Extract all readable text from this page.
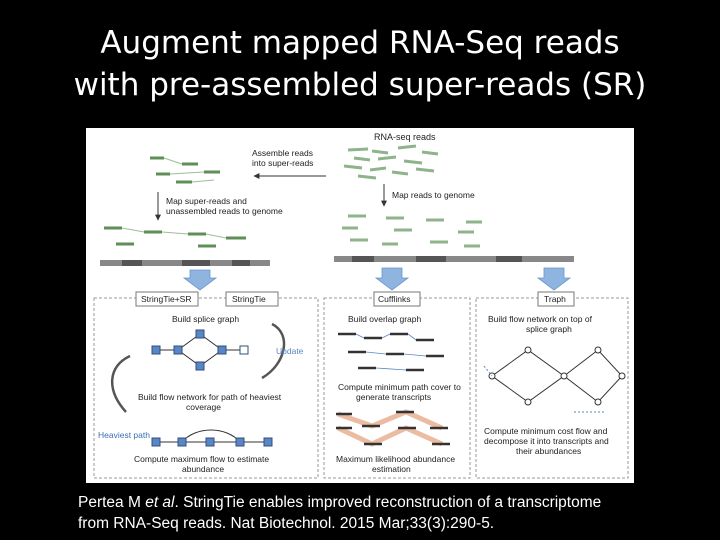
Augment mapped RNA-Seq reads
with pre-assembled super-reads (SR)
RNA-seq reads
Assemble reads
into super-reads
Map reads to genome
Map super-reads and
unassembled reads to genome
StringTie+SR	StringTie	Cufflinks	Traph
Build splice graph
Update
Build flow network for path of heaviest
coverage
Heaviest path
Compute maximum flow to estimate
abundance
Build overlap graph
Compute minimum path cover to
generate transcripts
Maximum likelihood abundance
estimation
Build flow network on top of
splice graph
Compute minimum cost flow and
decompose it into transcripts and
their abundances
Pertea M et al. StringTie enables improved reconstruction of a transcriptome
from RNA-Seq reads. Nat Biotechnol. 2015 Mar;33(3):290-5.
